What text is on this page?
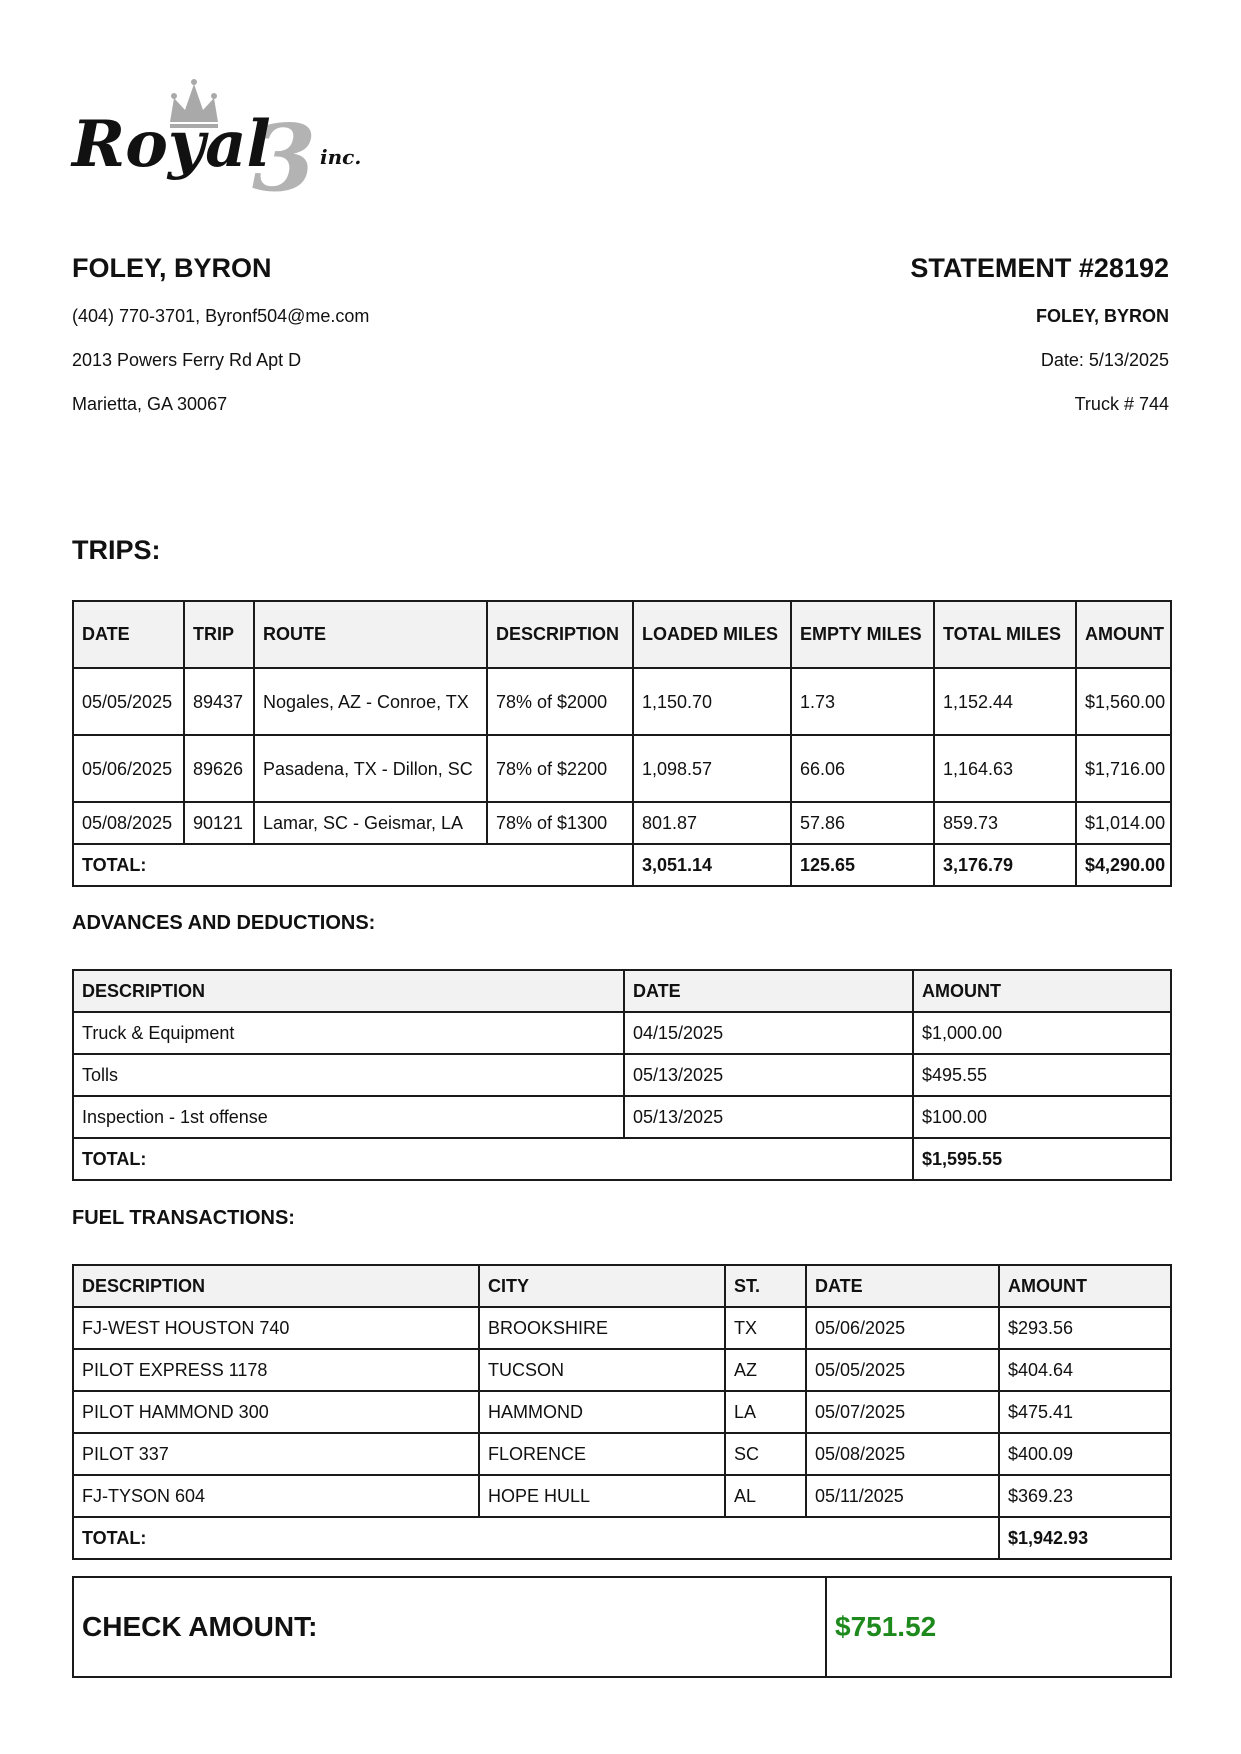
3
Royal inc.
FOLEY, BYRON
(404) 770-3701, Byronf504@me.com
2013 Powers Ferry Rd Apt D
Marietta, GA 30067
STATEMENT #28192
FOLEY, BYRON
Date: 5/13/2025
Truck # 744
TRIPS:
DATE	TRIP	ROUTE	DESCRIPTION	LOADED MILES	EMPTY MILES	TOTAL MILES	AMOUNT
05/05/2025	89437	Nogales, AZ - Conroe, TX	78% of $2000	1,150.70	1.73	1,152.44	$1,560.00
05/06/2025	89626	Pasadena, TX - Dillon, SC	78% of $2200	1,098.57	66.06	1,164.63	$1,716.00
05/08/2025	90121	Lamar, SC - Geismar, LA	78% of $1300	801.87	57.86	859.73	$1,014.00
TOTAL:				3,051.14	125.65	3,176.79	$4,290.00
ADVANCES AND DEDUCTIONS:
DESCRIPTION	DATE	AMOUNT
Truck & Equipment	04/15/2025	$1,000.00
Tolls	05/13/2025	$495.55
Inspection - 1st offense	05/13/2025	$100.00
TOTAL:		$1,595.55
FUEL TRANSACTIONS:
DESCRIPTION	CITY	ST.	DATE	AMOUNT
FJ-WEST HOUSTON 740	BROOKSHIRE	TX	05/06/2025	$293.56
PILOT EXPRESS 1178	TUCSON	AZ	05/05/2025	$404.64
PILOT HAMMOND 300	HAMMOND	LA	05/07/2025	$475.41
PILOT 337	FLORENCE	SC	05/08/2025	$400.09
FJ-TYSON 604	HOPE HULL	AL	05/11/2025	$369.23
TOTAL:				$1,942.93
CHECK AMOUNT:	$751.52
